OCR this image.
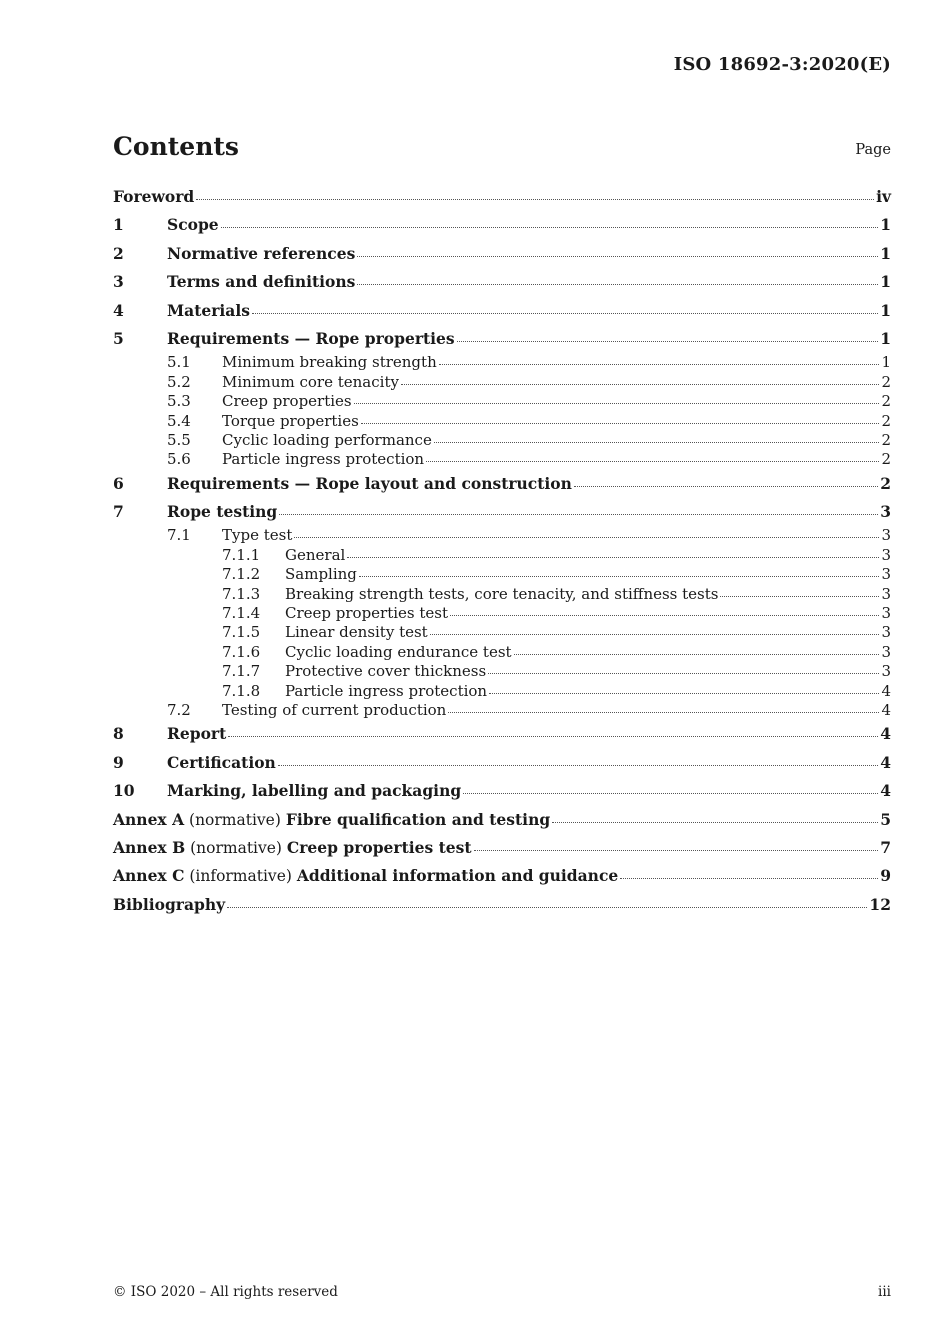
ISO 18692-3:2020(E)
Contents	Page
Foreword	iv
1	Scope	1
2	Normative references	1
3	Terms and definitions	1
4	Materials	1
5	Requirements — Rope properties	1
5.1	Minimum breaking strength	1
5.2	Minimum core tenacity	2
5.3	Creep properties	2
5.4	Torque properties	2
5.5	Cyclic loading performance	2
5.6	Particle ingress protection	2
6	Requirements — Rope layout and construction	2
7	Rope testing	3
7.1	Type test	3
7.1.1	General	3
7.1.2	Sampling	3
7.1.3	Breaking strength tests, core tenacity, and stiffness tests	3
7.1.4	Creep properties test	3
7.1.5	Linear density test	3
7.1.6	Cyclic loading endurance test	3
7.1.7	Protective cover thickness	3
7.1.8	Particle ingress protection	4
7.2	Testing of current production	4
8	Report	4
9	Certification	4
10	Marking, labelling and packaging	4
Annex A (normative) Fibre qualification and testing	5
Annex B (normative) Creep properties test	7
Annex C (informative) Additional information and guidance	9
Bibliography	12
© ISO 2020 – All rights reserved	iii
